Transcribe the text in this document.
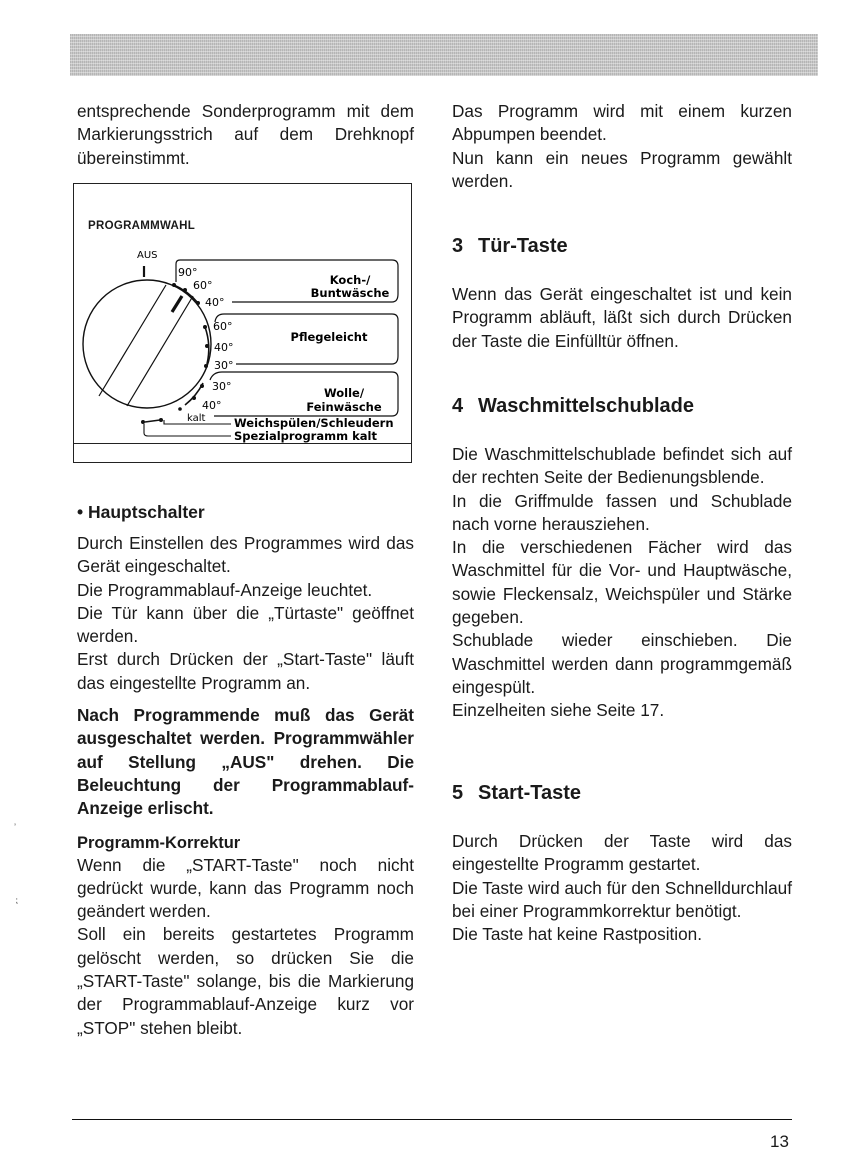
entsprechende Sonderprogramm mit dem Markierungsstrich auf dem Drehknopf übereinstimmt.

PROGRAMMWAHL
AUS
90°
60°
40°
Koch-/
Buntwäsche
60°
40°
30°
Pflegeleicht
30°
40°
kalt
Wolle/
Feinwäsche
Weichspülen/Schleudern
Spezialprogramm kalt
• Hauptschalter

Durch Einstellen des Programmes wird das Gerät eingeschaltet.

Die Programmablauf-Anzeige leuchtet.

Die Tür kann über die „Türtaste" geöffnet werden.

Erst durch Drücken der „Start-Taste" läuft das eingestellte Programm an.

Nach Programmende muß das Gerät ausgeschaltet werden. Programmwähler auf Stellung „AUS" drehen. Die Beleuchtung der Programmablauf-Anzeige erlischt.

Programm-Korrektur

Wenn die „START-Taste" noch nicht gedrückt wurde, kann das Programm noch geändert werden.

Soll ein bereits gestartetes Programm gelöscht werden, so drücken Sie die „START-Taste" solange, bis die Markierung der Programmablauf-Anzeige kurz vor „STOP" stehen bleibt.

Das Programm wird mit einem kurzen Abpumpen beendet.

Nun kann ein neues Programm gewählt werden.

3 Tür-Taste

Wenn das Gerät eingeschaltet ist und kein Programm abläuft, läßt sich durch Drücken der Taste die Einfülltür öffnen.

4 Waschmittelschublade

Die Waschmittelschublade befindet sich auf der rechten Seite der Bedienungsblende.

In die Griffmulde fassen und Schublade nach vorne herausziehen.

In die verschiedenen Fächer wird das Waschmittel für die Vor- und Hauptwäsche, sowie Fleckensalz, Weichspüler und Stärke gegeben.

Schublade wieder einschieben. Die Waschmittel werden dann programmgemäß eingespült.

Einzelheiten siehe Seite 17.

5 Start-Taste

Durch Drücken der Taste wird das eingestellte Programm gestartet.

Die Taste wird auch für den Schnelldurchlauf bei einer Programmkorrektur benötigt.

Die Taste hat keine Rastposition.

’
⁏
13
